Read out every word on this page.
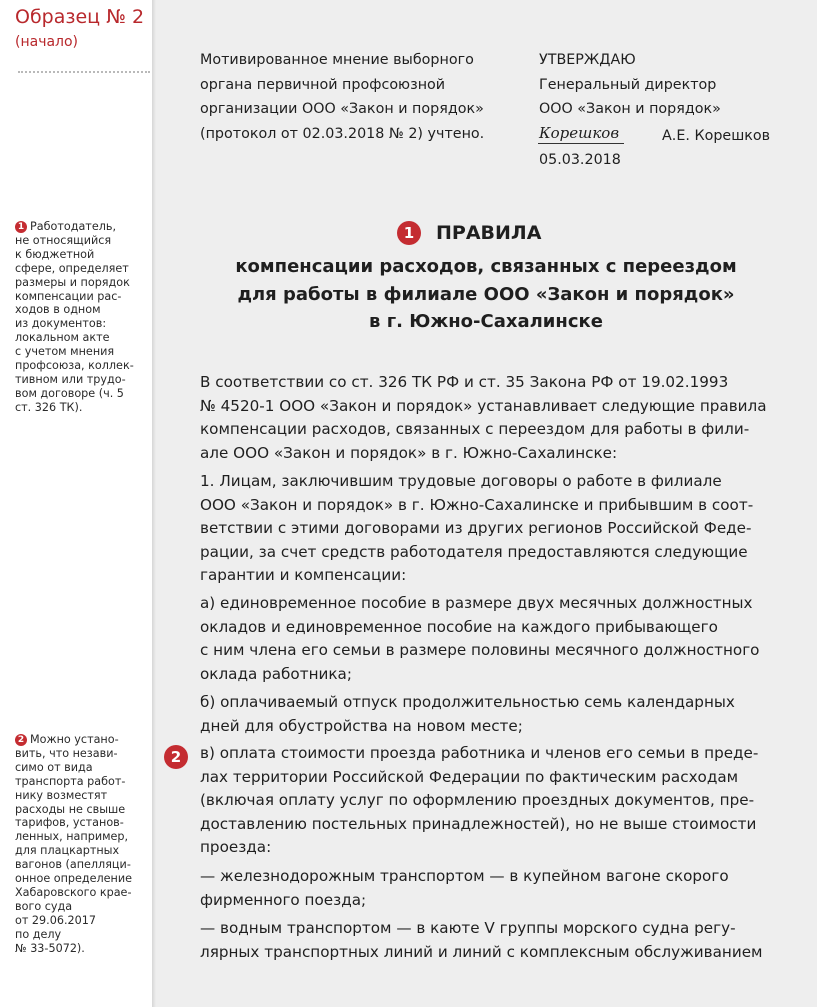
Образец № 2
(начало)
1 Работодатель,
не относящийся
к бюджетной
сфере, определяет
размеры и порядок
компенсации рас-
ходов в одном
из документов:
локальном акте
с учетом мнения
профсоюза, коллек-
тивном или трудо-
вом договоре (ч. 5
ст. 326 ТК).
2 Можно устано-
вить, что незави-
симо от вида
транспорта работ-
нику возместят
расходы не свыше
тарифов, установ-
ленных, например,
для плацкартных
вагонов (апелляци-
онное определение
Хабаровского крае-
вого суда
от 29.06.2017
по делу
№ 33-5072).
Мотивированное мнение выборного
органа первичной профсоюзной
организации ООО «Закон и порядок»
(протокол от 02.03.2018 № 2) учтено.
УТВЕРЖДАЮ
Генеральный директор
ООО «Закон и порядок»
Корешков	А.Е. Корешков
05.03.2018
1	ПРАВИЛА
компенсации расходов, связанных с переездом
для работы в филиале ООО «Закон и порядок»
в г. Южно-Сахалинске
В соответствии со ст. 326 ТК РФ и ст. 35 Закона РФ от 19.02.1993
№ 4520-1 ООО «Закон и порядок» устанавливает следующие правила
компенсации расходов, связанных с переездом для работы в фили-
але ООО «Закон и порядок» в г. Южно-Сахалинске:
1. Лицам, заключившим трудовые договоры о работе в филиале
ООО «Закон и порядок» в г. Южно-Сахалинске и прибывшим в соот-
ветствии с этими договорами из других регионов Российской Феде-
рации, за счет средств работодателя предоставляются следующие
гарантии и компенсации:
а) единовременное пособие в размере двух месячных должностных
окладов и единовременное пособие на каждого прибывающего
с ним члена его семьи в размере половины месячного должностного
оклада работника;
б) оплачиваемый отпуск продолжительностью семь календарных
дней для обустройства на новом месте;
2	в) оплата стоимости проезда работника и членов его семьи в преде-
лах территории Российской Федерации по фактическим расходам
(включая оплату услуг по оформлению проездных документов, пре-
доставлению постельных принадлежностей), но не выше стоимости
проезда:
— железнодорожным транспортом — в купейном вагоне скорого
фирменного поезда;
— водным транспортом — в каюте V группы морского судна регу-
лярных транспортных линий и линий с комплексным обслуживанием
